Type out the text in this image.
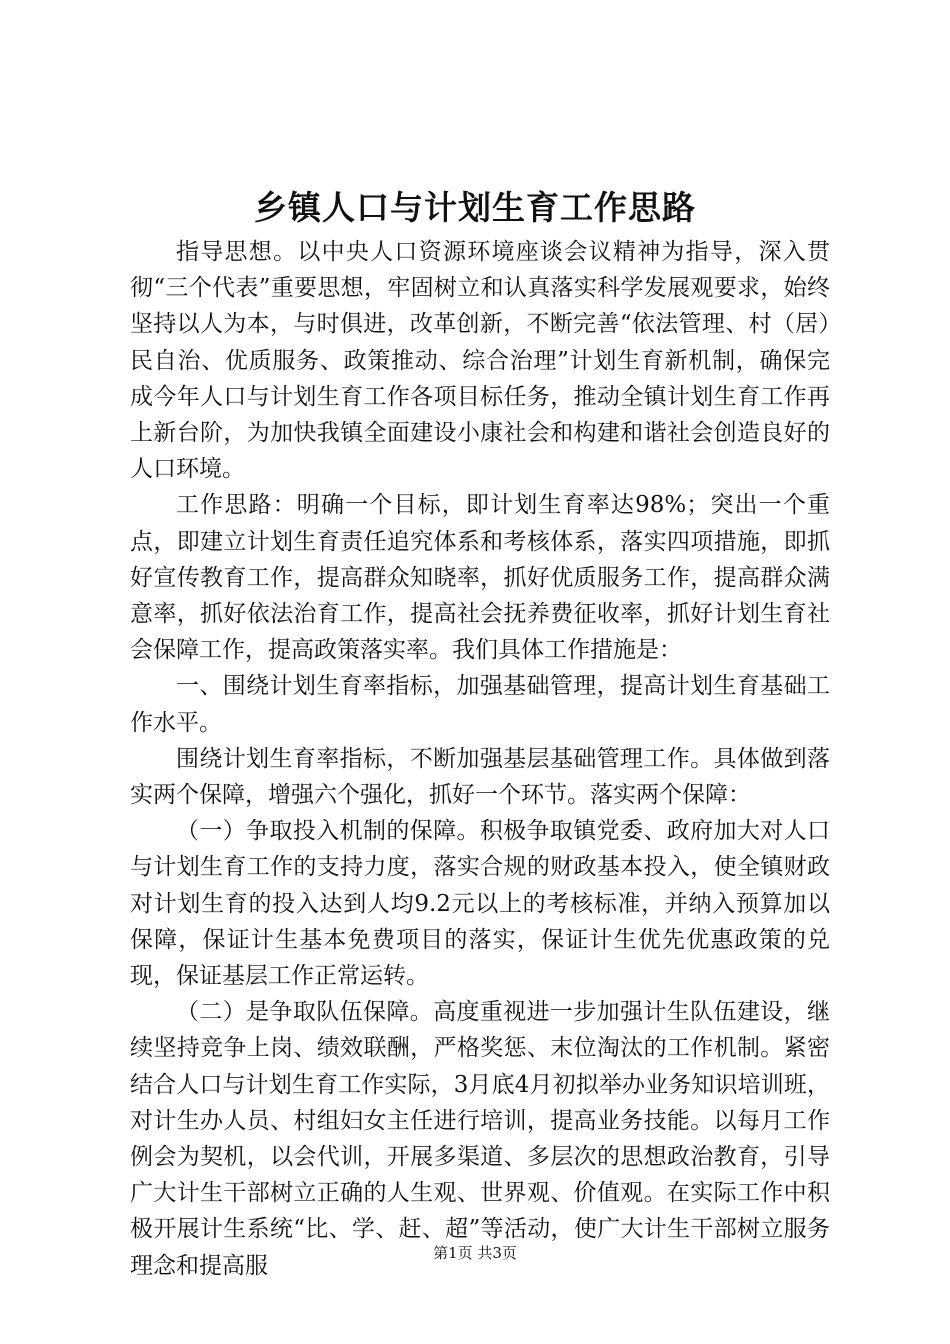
乡镇人口与计划生育工作思路

指导思想。以中央人口资源环境座谈会议精神为指导，深入贯彻“三个代表”重要思想，牢固树立和认真落实科学发展观要求，始终坚持以人为本，与时俱进，改革创新，不断完善“依法管理、村（居）民自治、优质服务、政策推动、综合治理”计划生育新机制，确保完成今年人口与计划生育工作各项目标任务，推动全镇计划生育工作再上新台阶，为加快我镇全面建设小康社会和构建和谐社会创造良好的人口环境。

工作思路：明确一个目标，即计划生育率达98%；突出一个重点，即建立计划生育责任追究体系和考核体系，落实四项措施，即抓好宣传教育工作，提高群众知晓率，抓好优质服务工作，提高群众满意率，抓好依法治育工作，提高社会抚养费征收率，抓好计划生育社会保障工作，提高政策落实率。我们具体工作措施是：

一、围绕计划生育率指标，加强基础管理，提高计划生育基础工作水平。

围绕计划生育率指标，不断加强基层基础管理工作。具体做到落实两个保障，增强六个强化，抓好一个环节。落实两个保障：

（一）争取投入机制的保障。积极争取镇党委、政府加大对人口与计划生育工作的支持力度，落实合规的财政基本投入，使全镇财政对计划生育的投入达到人均9.2元以上的考核标准，并纳入预算加以保障，保证计生基本免费项目的落实，保证计生优先优惠政策的兑现，保证基层工作正常运转。

（二）是争取队伍保障。高度重视进一步加强计生队伍建设，继续坚持竞争上岗、绩效联酬，严格奖惩、末位淘汰的工作机制。紧密结合人口与计划生育工作实际，3月底4月初拟举办业务知识培训班，对计生办人员、村组妇女主任进行培训，提高业务技能。以每月工作例会为契机，以会代训，开展多渠道、多层次的思想政治教育，引导广大计生干部树立正确的人生观、世界观、价值观。在实际工作中积极开展计生系统“比、学、赶、超”等活动，使广大计生干部树立服务理念和提高服	第1页 共3页
